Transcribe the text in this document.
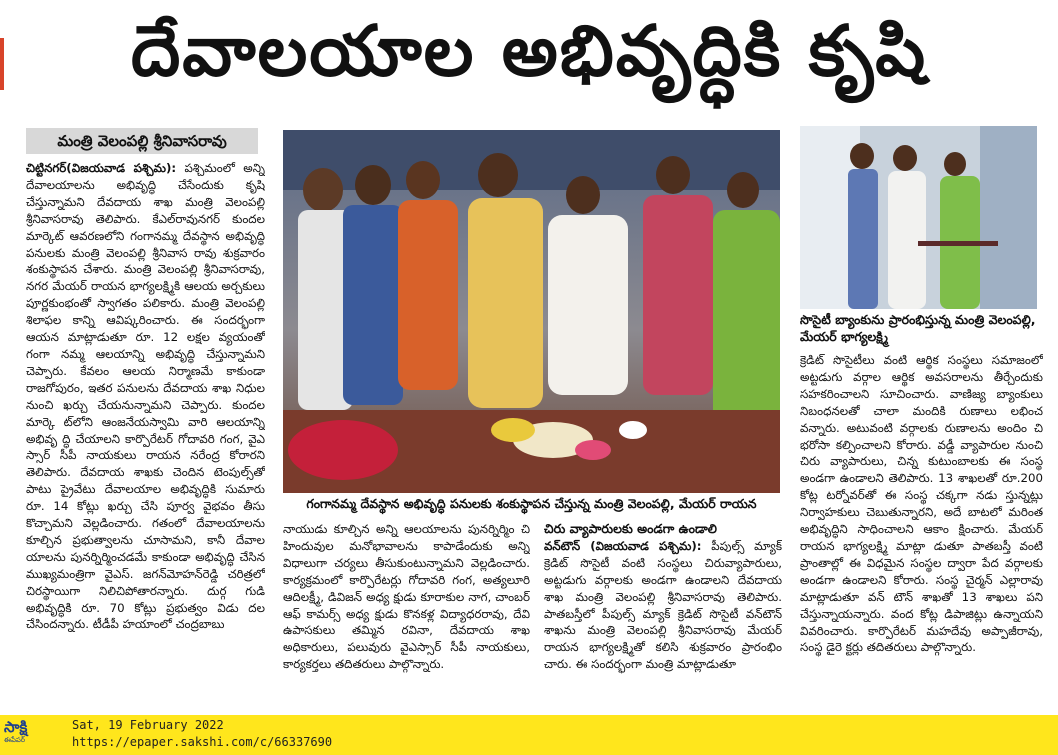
దేవాలయాల అభివృద్ధికి కృషి
మంత్రి వెలంపల్లి శ్రీనివాసరావు

చిట్టినగర్‌(విజయవాడ పశ్చిమ): పశ్చిమంలో అన్ని దేవాలయాలను అభివృద్ధి చేసేందుకు కృషి చేస్తున్నామని దేవదాయ శాఖ మంత్రి వెలంపల్లి శ్రీనివాసరావు తెలిపారు. కేఎల్‌రావునగర్‌ కుందల మార్కెట్‌ ఆవరణలోని గంగానమ్మ దేవస్థాన అభివృద్ధి పనులకు మంత్రి వెలంపల్లి శ్రీనివాస రావు శుక్రవారం శంకుస్థాపన చేశారు. మంత్రి వెలంపల్లి శ్రీనివాసరావు, నగర మేయర్‌ రాయన భాగ్యలక్ష్మికి ఆలయ అర్చకులు పూర్ణకుంభంతో స్వాగతం పలికారు. మంత్రి వెలంపల్లి శిలాఫల కాన్ని ఆవిష్కరించారు. ఈ సందర్భంగా ఆయన మాట్లాడుతూ రూ. 12 లక్షల వ్యయంతో గంగా నమ్మ ఆలయాన్ని అభివృద్ధి చేస్తున్నామని చెప్పారు. కేవలం ఆలయ నిర్మాణమే కాకుండా రాజగోపురం, ఇతర పనులను దేవదాయ శాఖ నిధుల నుంచి ఖర్చు చేయనున్నామని చెప్పారు. కుందల మార్కె ట్‌లోని ఆంజనేయస్వామి వారి ఆలయాన్ని అభివృ ద్ధి చేయాలని కార్పొరేటర్‌ గోదావరి గంగ, వైఎ స్సార్‌ సీపీ నాయకులు రాయన నరేంద్ర కోరారని తెలిపారు. దేవదాయ శాఖకు చెందిన టెంపుల్స్‌తో పాటు ప్రైవేటు దేవాలయాల అభివృద్ధికి సుమారు రూ. 14 కోట్లు ఖర్చు చేసి పూర్వ వైభవం తీసు కొచ్చామని వెల్లడించారు. గతంలో దేవాలయాలను కూల్చిన ప్రభుత్వాలను చూసామని, కానీ దేవాల యాలను పునర్నిర్మించడమే కాకుండా అభివృద్ధి చేసిన ముఖ్యమంత్రిగా వైఎస్‌. జగన్‌మోహన్‌రెడ్డి చరిత్రలో చిరస్థాయిగా నిలిచిపోతారన్నారు. దుర్గ గుడి అభివృద్ధికి రూ. 70 కోట్లు ప్రభుత్వం విడు దల చేసిందన్నారు. టీడీపీ హయాంలో చంద్రబాబు

గంగానమ్మ దేవస్థాన అభివృద్ధి పనులకు శంకుస్థాపన చేస్తున్న మంత్రి వెలంపల్లి, మేయర్‌ రాయన

నాయుడు కూల్చిన అన్ని ఆలయాలను పునర్నిర్మిం చి హిందువుల మనోభావాలను కాపాడేందుకు అన్ని విధాలుగా చర్యలు తీసుకుంటున్నామని వెల్లడించారు. కార్యక్రమంలో కార్పొరేటర్లు గోదావరి గంగ, అత్యలూరి ఆదిలక్ష్మీ, డివిజన్‌ అధ్య క్షుడు కూరాకుల నాగ, చాంబర్‌ ఆఫ్‌ కామర్స్‌ అధ్య క్షుడు కొనకళ్ల విద్యాధరరావు, దేవి ఉపాసకులు తమ్మిన రవినా, దేవదాయ శాఖ అధికారులు, పలువురు వైఎస్సార్‌ సీపీ నాయకులు, కార్యకర్తలు తదితరులు పాల్గొన్నారు.

చిరు వ్యాపారులకు అండగా ఉండాలి

వన్‌టౌన్‌ (విజయవాడ పశ్చిమ): పీపుల్స్‌ మ్యాక్‌ క్రెడిట్‌ సొసైటీ వంటి సంస్థలు చిరువ్యాపారులు, అట్టడుగు వర్గాలకు అండగా ఉండాలని దేవదాయ శాఖ మంత్రి వెలంపల్లి శ్రీనివాసరావు తెలిపారు. పాతబస్తీలో పీపుల్స్‌ మ్యాక్‌ క్రెడిట్‌ సొసైటీ వన్‌టౌన్‌ శాఖను మంత్రి వెలంపల్లి శ్రీనివాసరావు మేయర్‌ రాయన భాగ్యలక్ష్మితో కలిసి శుక్రవారం ప్రారంభిం చారు. ఈ సందర్భంగా మంత్రి మాట్లాడుతూ

సొసైటీ బ్యాంకును ప్రారంభిస్తున్న మంత్రి వెలంపల్లి, మేయర్‌ భాగ్యలక్ష్మి

క్రెడిట్‌ సొసైటీలు వంటి ఆర్థిక సంస్థలు సమాజంలో అట్టడుగు వర్గాల ఆర్థిక అవసరాలను తీర్చేందుకు సహకరించాలని సూచించారు. వాణిజ్య బ్యాంకులు నిబంధనలతో చాలా మందికి రుణాలు లభించ వన్నారు. అటువంటి వర్గాలకు రుణాలను అందిం చి భరోసా కల్పించాలని కోరారు. వడ్డీ వ్యాపారుల నుంచి చిరు వ్యాపారులు, చిన్న కుటుంబాలకు ఈ సంస్థ అండగా ఉండాలని తెలిపారు. 13 శాఖలతో రూ.200 కోట్ల టర్నోవర్‌తో ఈ సంస్థ చక్కగా నడు స్తున్నట్లు నిర్వాహకులు చెబుతున్నారని, అదే బాటలో మరింత అభివృద్ధిని సాధించాలని ఆకాం క్షించారు. మేయర్‌ రాయన భాగ్యలక్ష్మి మాట్లా డుతూ పాతబస్తీ వంటి ప్రాంతాల్లో ఈ విధమైన సంస్థల ద్వారా పేద వర్గాలకు అండగా ఉండాలని కోరారు. సంస్థ చైర్మన్‌ ఎల్లారావు మాట్లాడుతూ వన్‌ టౌన్‌ శాఖతో 13 శాఖలు పని చేస్తున్నాయన్నారు. వంద కోట్ల డిపాజిట్లు ఉన్నాయని వివరించారు. కార్పొరేటర్‌ మహదేవు అప్పాజీరావు, సంస్థ డైరె క్టర్లు తదితరులు పాల్గొన్నారు.

సాక్షి
ఈపేపర్
Sat, 19 February 2022
https://epaper.sakshi.com/c/66337690
